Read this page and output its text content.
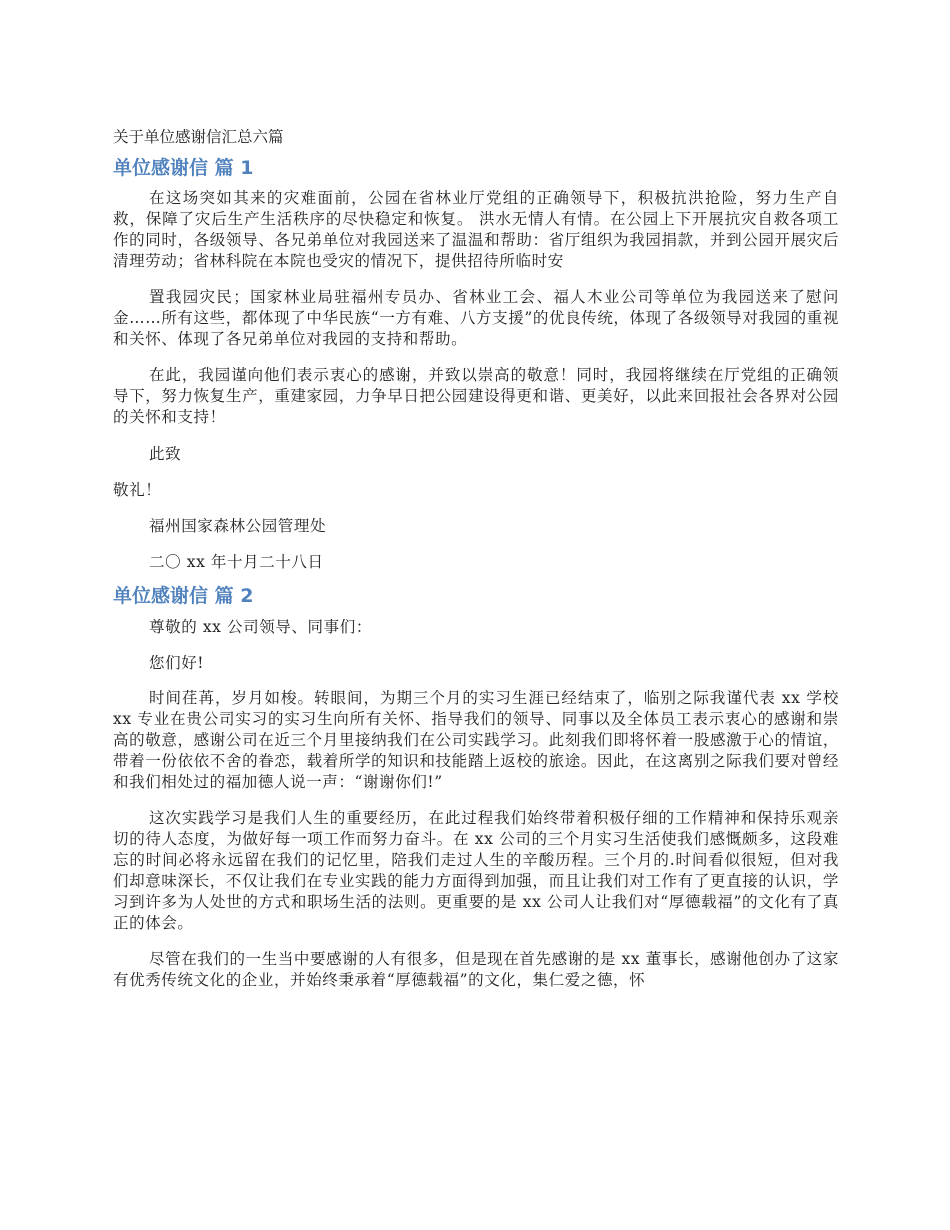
关于单位感谢信汇总六篇
单位感谢信 篇 1

在这场突如其来的灾难面前，公园在省林业厅党组的正确领导下，积极抗洪抢险，努力生产自救，保障了灾后生产生活秩序的尽快稳定和恢复。 洪水无情人有情。在公园上下开展抗灾自救各项工作的同时，各级领导、各兄弟单位对我园送来了温温和帮助：省厅组织为我园捐款，并到公园开展灾后清理劳动；省林科院在本院也受灾的情况下，提供招待所临时安

置我园灾民；国家林业局驻福州专员办、省林业工会、福人木业公司等单位为我园送来了慰问金……所有这些，都体现了中华民族“一方有难、八方支援”的优良传统，体现了各级领导对我园的重视和关怀、体现了各兄弟单位对我园的支持和帮助。

在此，我园谨向他们表示衷心的感谢，并致以崇高的敬意！同时，我园将继续在厅党组的正确领导下，努力恢复生产，重建家园，力争早日把公园建设得更和谐、更美好，以此来回报社会各界对公园的关怀和支持！

此致

敬礼！

福州国家森林公园管理处

二〇 xx 年十月二十八日

单位感谢信 篇 2

尊敬的 xx 公司领导、同事们：

您们好!

时间荏苒，岁月如梭。转眼间，为期三个月的实习生涯已经结束了，临别之际我谨代表 xx 学校 xx 专业在贵公司实习的实习生向所有关怀、指导我们的领导、同事以及全体员工表示衷心的感谢和崇高的敬意，感谢公司在近三个月里接纳我们在公司实践学习。此刻我们即将怀着一股感激于心的情谊，带着一份依依不舍的眷恋，载着所学的知识和技能踏上返校的旅途。因此，在这离别之际我们要对曾经和我们相处过的福加德人说一声：“谢谢你们!”

这次实践学习是我们人生的重要经历，在此过程我们始终带着积极仔细的工作精神和保持乐观亲切的待人态度，为做好每一项工作而努力奋斗。在 xx 公司的三个月实习生活使我们感慨颇多，这段难忘的时间必将永远留在我们的记忆里，陪我们走过人生的辛酸历程。三个月的.时间看似很短，但对我们却意味深长，不仅让我们在专业实践的能力方面得到加强，而且让我们对工作有了更直接的认识，学习到许多为人处世的方式和职场生活的法则。更重要的是 xx 公司人让我们对“厚德载福”的文化有了真正的体会。

尽管在我们的一生当中要感谢的人有很多，但是现在首先感谢的是 xx 董事长，感谢他创办了这家有优秀传统文化的企业，并始终秉承着“厚德载福”的文化，集仁爱之德，怀
